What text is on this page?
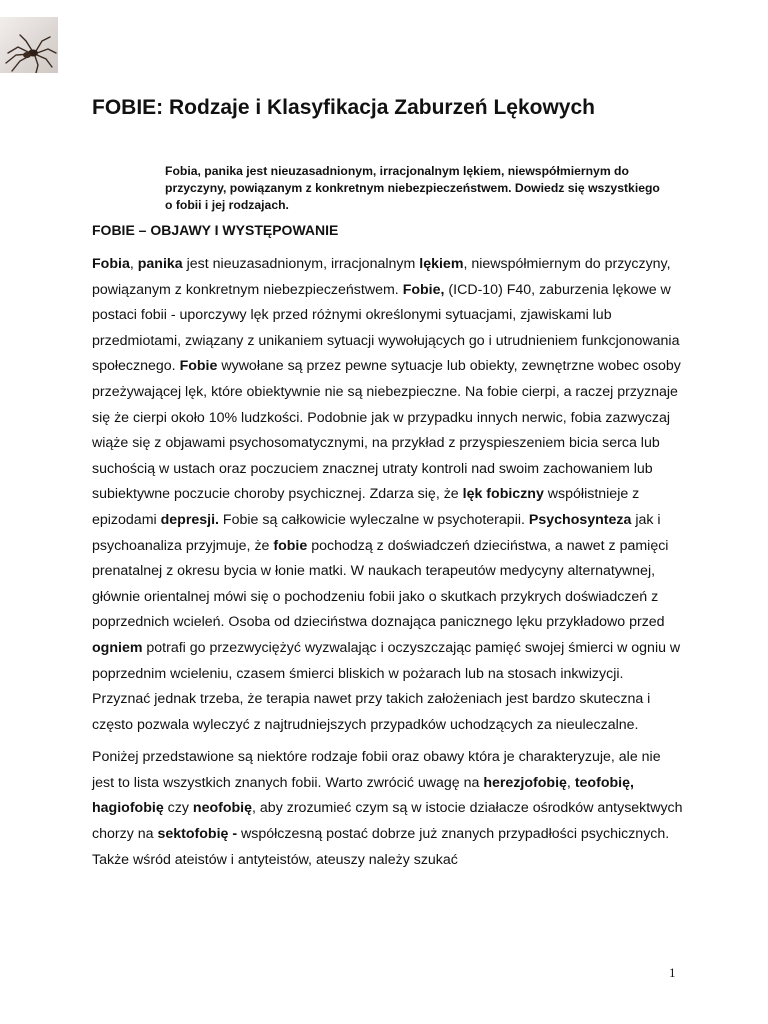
FOBIE: Rodzaje i Klasyfikacja Zaburzeń Lękowych

Fobia, panika jest nieuzasadnionym, irracjonalnym lękiem, niewspółmiernym do przyczyny, powiązanym z konkretnym niebezpieczeństwem. Dowiedz się wszystkiego o fobii i jej rodzajach.

FOBIE – OBJAWY I WYSTĘPOWANIE

Fobia, panika jest nieuzasadnionym, irracjonalnym lękiem, niewspółmiernym do przyczyny, powiązanym z konkretnym niebezpieczeństwem. Fobie, (ICD-10) F40, zaburzenia lękowe w postaci fobii - uporczywy lęk przed różnymi określonymi sytuacjami, zjawiskami lub przedmiotami, związany z unikaniem sytuacji wywołujących go i utrudnieniem funkcjonowania społecznego. Fobie wywołane są przez pewne sytuacje lub obiekty, zewnętrzne wobec osoby przeżywającej lęk, które obiektywnie nie są niebezpieczne. Na fobie cierpi, a raczej przyznaje się że cierpi około 10% ludzkości. Podobnie jak w przypadku innych nerwic, fobia zazwyczaj wiąże się z objawami psychosomatycznymi, na przykład z przyspieszeniem bicia serca lub suchością w ustach oraz poczuciem znacznej utraty kontroli nad swoim zachowaniem lub subiektywne poczucie choroby psychicznej. Zdarza się, że lęk fobiczny współistnieje z epizodami depresji. Fobie są całkowicie wyleczalne w psychoterapii. Psychosynteza jak i psychoanaliza przyjmuje, że fobie pochodzą z doświadczeń dzieciństwa, a nawet z pamięci prenatalnej z okresu bycia w łonie matki. W naukach terapeutów medycyny alternatywnej, głównie orientalnej mówi się o pochodzeniu fobii jako o skutkach przykrych doświadczeń z poprzednich wcieleń. Osoba od dzieciństwa doznająca panicznego lęku przykładowo przed ogniem potrafi go przezwyciężyć wyzwalając i oczyszczając pamięć swojej śmierci w ogniu w poprzednim wcieleniu, czasem śmierci bliskich w pożarach lub na stosach inkwizycji. Przyznać jednak trzeba, że terapia nawet przy takich założeniach jest bardzo skuteczna i często pozwala wyleczyć z najtrudniejszych przypadków uchodzących za nieuleczalne.

Poniżej przedstawione są niektóre rodzaje fobii oraz obawy która je charakteryzuje, ale nie jest to lista wszystkich znanych fobii. Warto zwrócić uwagę na herezjofobię, teofobię, hagiofobię czy neofobię, aby zrozumieć czym są w istocie działacze ośrodków antysektwych chorzy na sektofobię - współczesną postać dobrze już znanych przypadłości psychicznych. Także wśród ateistów i antyteistów, ateuszy należy szukać

1
